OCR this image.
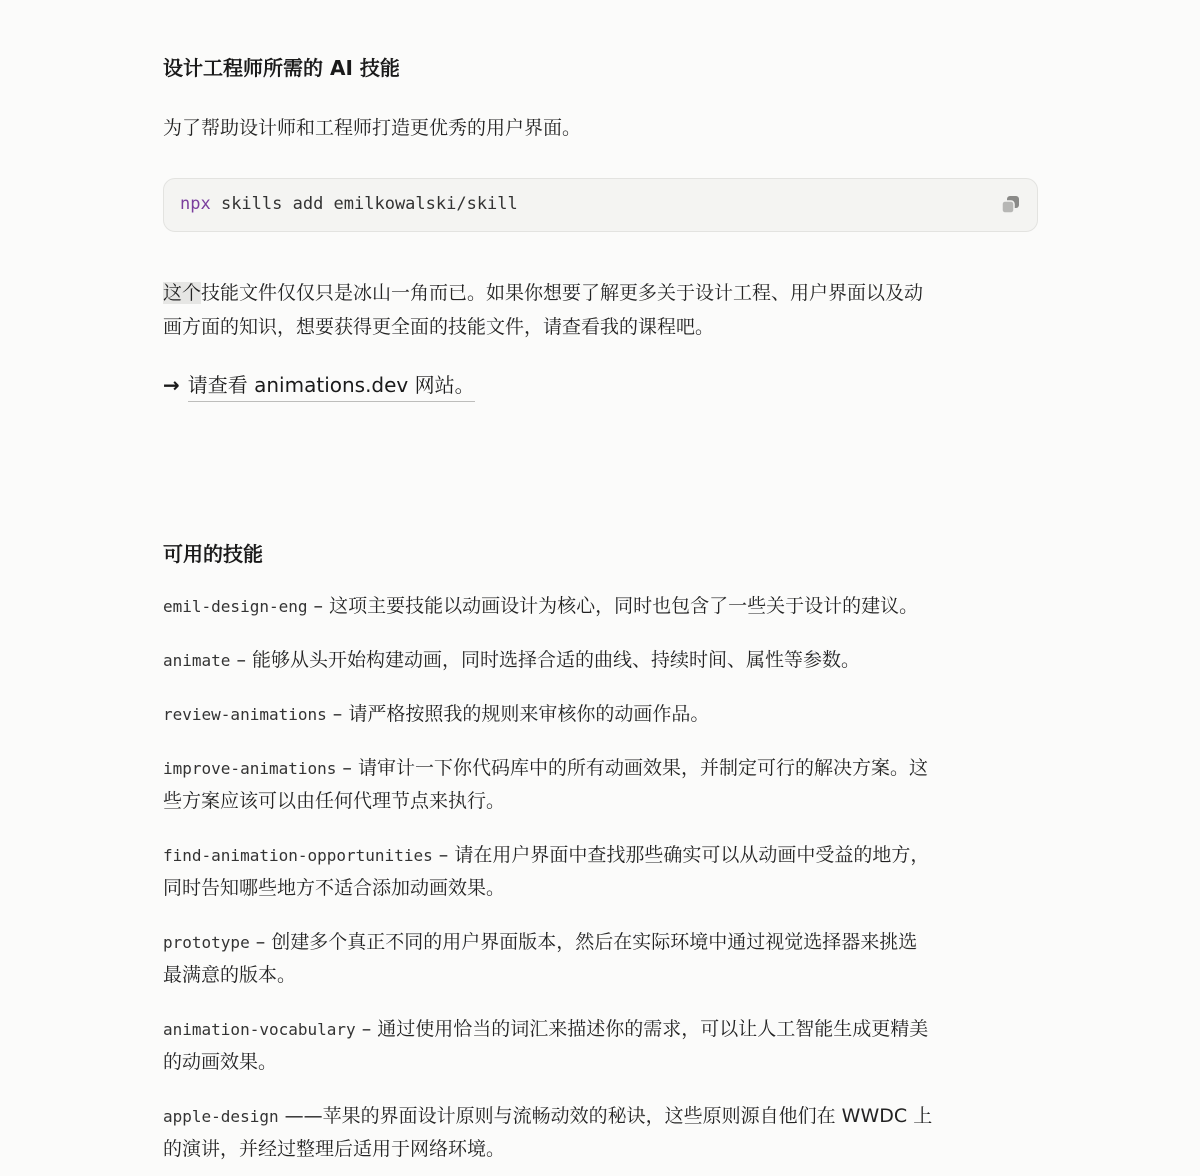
设计工程师所需的 AI 技能

为了帮助设计师和工程师打造更优秀的用户界面。

npx skills add emilkowalski/skill

这个技能文件仅仅只是冰山一角而已。如果你想要了解更多关于设计工程、用户界面以及动
画方面的知识，想要获得更全面的技能文件，请查看我的课程吧。

→ 请查看 animations.dev 网站。
可用的技能

emil-design-eng – 这项主要技能以动画设计为核心，同时也包含了一些关于设计的建议。

animate – 能够从头开始构建动画，同时选择合适的曲线、持续时间、属性等参数。

review-animations – 请严格按照我的规则来审核你的动画作品。

improve-animations – 请审计一下你代码库中的所有动画效果，并制定可行的解决方案。这
些方案应该可以由任何代理节点来执行。

find-animation-opportunities – 请在用户界面中查找那些确实可以从动画中受益的地方，
同时告知哪些地方不适合添加动画效果。

prototype – 创建多个真正不同的用户界面版本，然后在实际环境中通过视觉选择器来挑选
最满意的版本。

animation-vocabulary – 通过使用恰当的词汇来描述你的需求，可以让人工智能生成更精美
的动画效果。

apple-design ——苹果的界面设计原则与流畅动效的秘诀，这些原则源自他们在 WWDC 上
的演讲，并经过整理后适用于网络环境。
